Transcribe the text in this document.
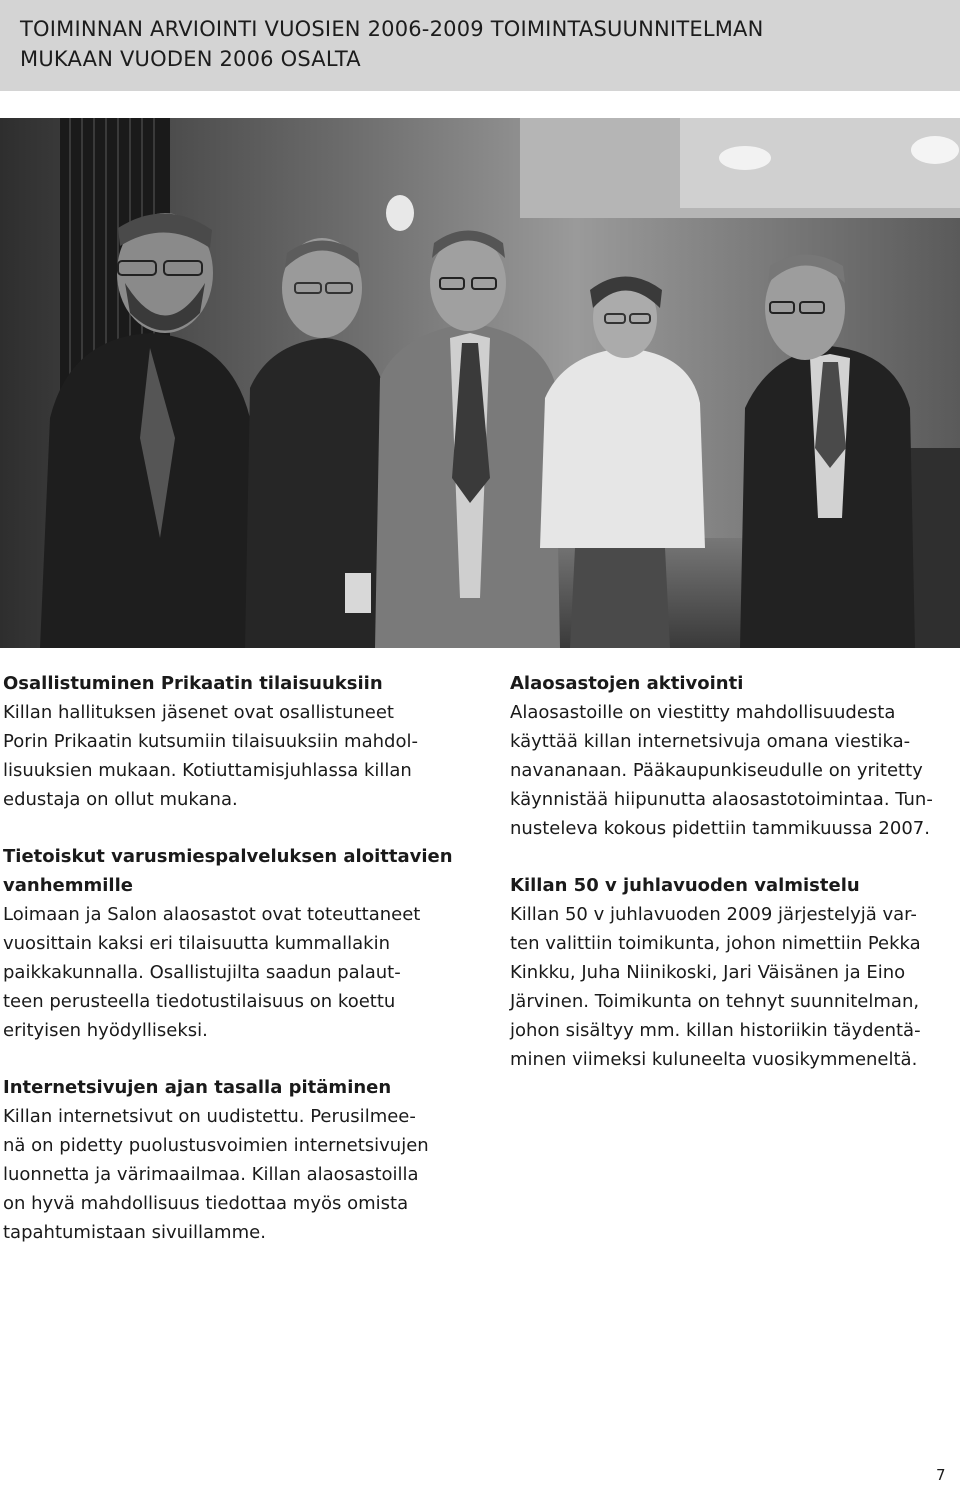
TOIMINNAN ARVIOINTI VUOSIEN 2006-2009 TOIMINTASUUNNITELMAN
MUKAAN VUODEN 2006 OSALTA
Osallistuminen Prikaatin tilaisuuksiin

Killan hallituksen jäsenet ovat osallistuneet
Porin Prikaatin kutsumiin tilaisuuksiin mahdol-
lisuuksien mukaan. Kotiuttamisjuhlassa killan
edustaja on ollut mukana.

Tietoiskut varusmiespalveluksen aloittavien
vanhemmille

Loimaan ja Salon alaosastot ovat toteuttaneet
vuosittain kaksi eri tilaisuutta kummallakin
paikkakunnalla. Osallistujilta saadun palaut-
teen perusteella tiedotustilaisuus on koettu
erityisen hyödylliseksi.

Internetsivujen ajan tasalla pitäminen

Killan internetsivut on uudistettu. Perusilmee-
nä on pidetty puolustusvoimien internetsivujen
luonnetta ja värimaailmaa. Killan alaosastoilla
on hyvä mahdollisuus tiedottaa myös omista
tapahtumistaan sivuillamme.

Alaosastojen aktivointi

Alaosastoille on viestitty mahdollisuudesta
käyttää killan internetsivuja omana viestika-
navananaan. Pääkaupunkiseudulle on yritetty
käynnistää hiipunutta alaosastotoimintaa. Tun-
nusteleva kokous pidettiin tammikuussa 2007.

Killan 50 v juhlavuoden valmistelu

Killan 50 v juhlavuoden 2009 järjestelyjä var-
ten valittiin toimikunta, johon nimettiin Pekka
Kinkku, Juha Niinikoski, Jari Väisänen ja Eino
Järvinen. Toimikunta on tehnyt suunnitelman,
johon sisältyy mm. killan historiikin täydentä-
minen viimeksi kuluneelta vuosikymmeneltä.

7
